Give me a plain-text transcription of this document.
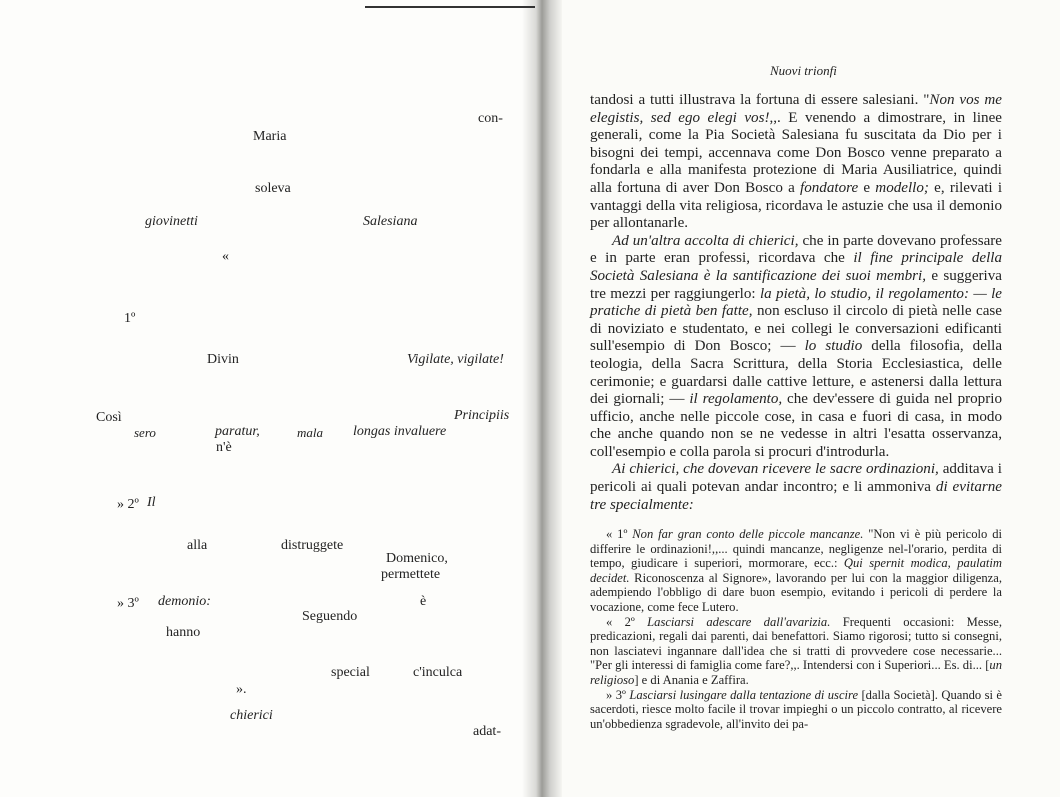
con-
Maria
soleva
giovinetti	Salesiana
«
1º
Divin	Vigilate, vigilate!
Così	Principiis
sero	paratur,	mala longas invaluere
n'è
» 2º Il
alla	distruggete
Domenico,
permettete
» 3º demonio:	è
Seguendo
hanno
special	c'inculca
».
chierici
adat-
Nuovi trionfi

tandosi a tutti illustrava la fortuna di essere salesiani. "Non vos me elegistis, sed ego elegi vos!,,. E venendo a dimostrare, in linee generali, come la Pia Società Salesiana fu suscitata da Dio per i bisogni dei tempi, accennava come Don Bosco venne preparato a fondarla e alla manifesta protezione di Maria Ausiliatrice, quindi alla fortuna di aver Don Bosco a fondatore e modello; e, rilevati i vantaggi della vita religiosa, ricordava le astuzie che usa il demonio per allontanarle.

Ad un'altra accolta di chierici, che in parte dovevano professare e in parte eran professi, ricordava che il fine principale della Società Salesiana è la santificazione dei suoi membri, e suggeriva tre mezzi per raggiungerlo: la pietà, lo studio, il regolamento: — le pratiche di pietà ben fatte, non escluso il circolo di pietà nelle case di noviziato e studentato, e nei collegi le conversazioni edificanti sull'esempio di Don Bosco; — lo studio della filosofia, della teologia, della Sacra Scrittura, della Storia Ecclesiastica, delle cerimonie; e guardarsi dalle cattive letture, e astenersi dalla lettura dei giornali; — il regolamento, che dev'essere di guida nel proprio ufficio, anche nelle piccole cose, in casa e fuori di casa, in modo che anche quando non se ne vedesse in altri l'esatta osservanza, coll'esempio e colla parola si procuri d'introdurla.

Ai chierici, che dovevan ricevere le sacre ordinazioni, additava i pericoli ai quali potevan andar incontro; e li ammoniva di evitarne tre specialmente:

« 1º Non far gran conto delle piccole mancanze. "Non vi è più pericolo di differire le ordinazioni!,,... quindi mancanze, negligenze nel-l'orario, perdita di tempo, giudicare i superiori, mormorare, ecc.: Qui spernit modica, paulatim decidet. Riconoscenza al Signore», lavorando per lui con la maggior diligenza, adempiendo l'obbligo di dare buon esempio, evitando i pericoli di perdere la vocazione, come fece Lutero.

« 2º Lasciarsi adescare dall'avarizia. Frequenti occasioni: Messe, predicazioni, regali dai parenti, dai benefattori. Siamo rigorosi; tutto si consegni, non lasciatevi ingannare dall'idea che si tratti di provvedere cose necessarie... "Per gli interessi di famiglia come fare?,,. Intendersi con i Superiori... Es. di... [un religioso] e di Anania e Zaffira.

» 3º Lasciarsi lusingare dalla tentazione di uscire [dalla Società]. Quando si è sacerdoti, riesce molto facile il trovar impieghi o un piccolo contratto, al ricevere un'obbedienza sgradevole, all'invito dei pa-
